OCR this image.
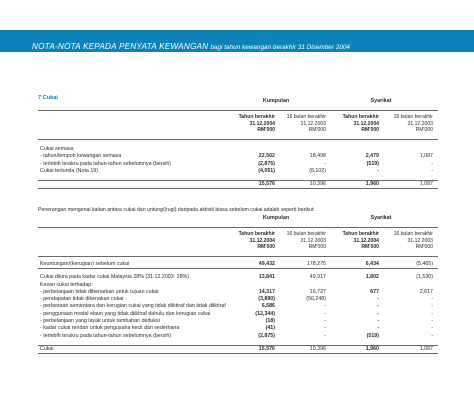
NOTA-NOTA KEPADA PENYATA KEWANGAN bagi tahun kewangan berakhir 31 Disember 2004
7 Cukai	Kumpulan	Syarikat
Tahun berakhir
31.12.2004
RM'000
16 bulan berakhir
31.12.2003
RM'000
Tahun berakhir
31.12.2004
RM'000
16 bulan berakhir
31.12.2003
RM'000
Cukai semasa
- tahun/tempoh kewangan semasa	22,502	18,498	2,479	1,087
- terlebih terakru pada tahun-tahun sebelumnya (bersih)	(2,875)	-	(519)	-
Cukai tertunda (Nota 19)	(4,051)	(8,102)	-	-
15,576	10,396	1,960	1,087
Penerangan mengenai kaitan antara cukai dan untung/(rugi) daripada aktiviti biasa sebelum cukai adalah seperti berikut:
Kumpulan	Syarikat
Tahun berakhir
31.12.2004
RM'000
16 bulan berakhir
31.12.2003
RM'000
Tahun berakhir
31.12.2004
RM'000
16 bulan berakhir
31.12.2003
RM'000
Keuntungan/(kerugian) sebelum cukai	49,432	178,275	6,434	(5,465)
Cukai dikira pada kadar cukai Malaysia 28% (31.12.2003: 28%)	13,841	49,917	1,802	(1,530)
Kesan cukai terhadap:
- perbelanjaan tidak dibenarkan untuk tujuan cukai	14,317	16,727	677	2,617
- pendapatan tidak dikenakan cukai	(3,890)	(56,248)	-	-
- perbezaan sementara dan kerugian cukai yang tidak diiktiraf dan tidak diiktiraf	6,586	-	-	-
- penggunaan modal elaun yang tidak diiktiraf dahulu dan kerugian cukai	(12,344)	-	-	-
- perbelanjaan yang layak untuk tambahan deduksi	(18)	-	-	-
- kadar cukai rendah untuk pengusaha kecil dan sederhana	(41)	-	-	-
- terlebih terakru pada tahun-tahun sebelumnya (bersih)	(2,875)	-	(519)	-
Cukai	15,576	10,396	1,960	1,087
